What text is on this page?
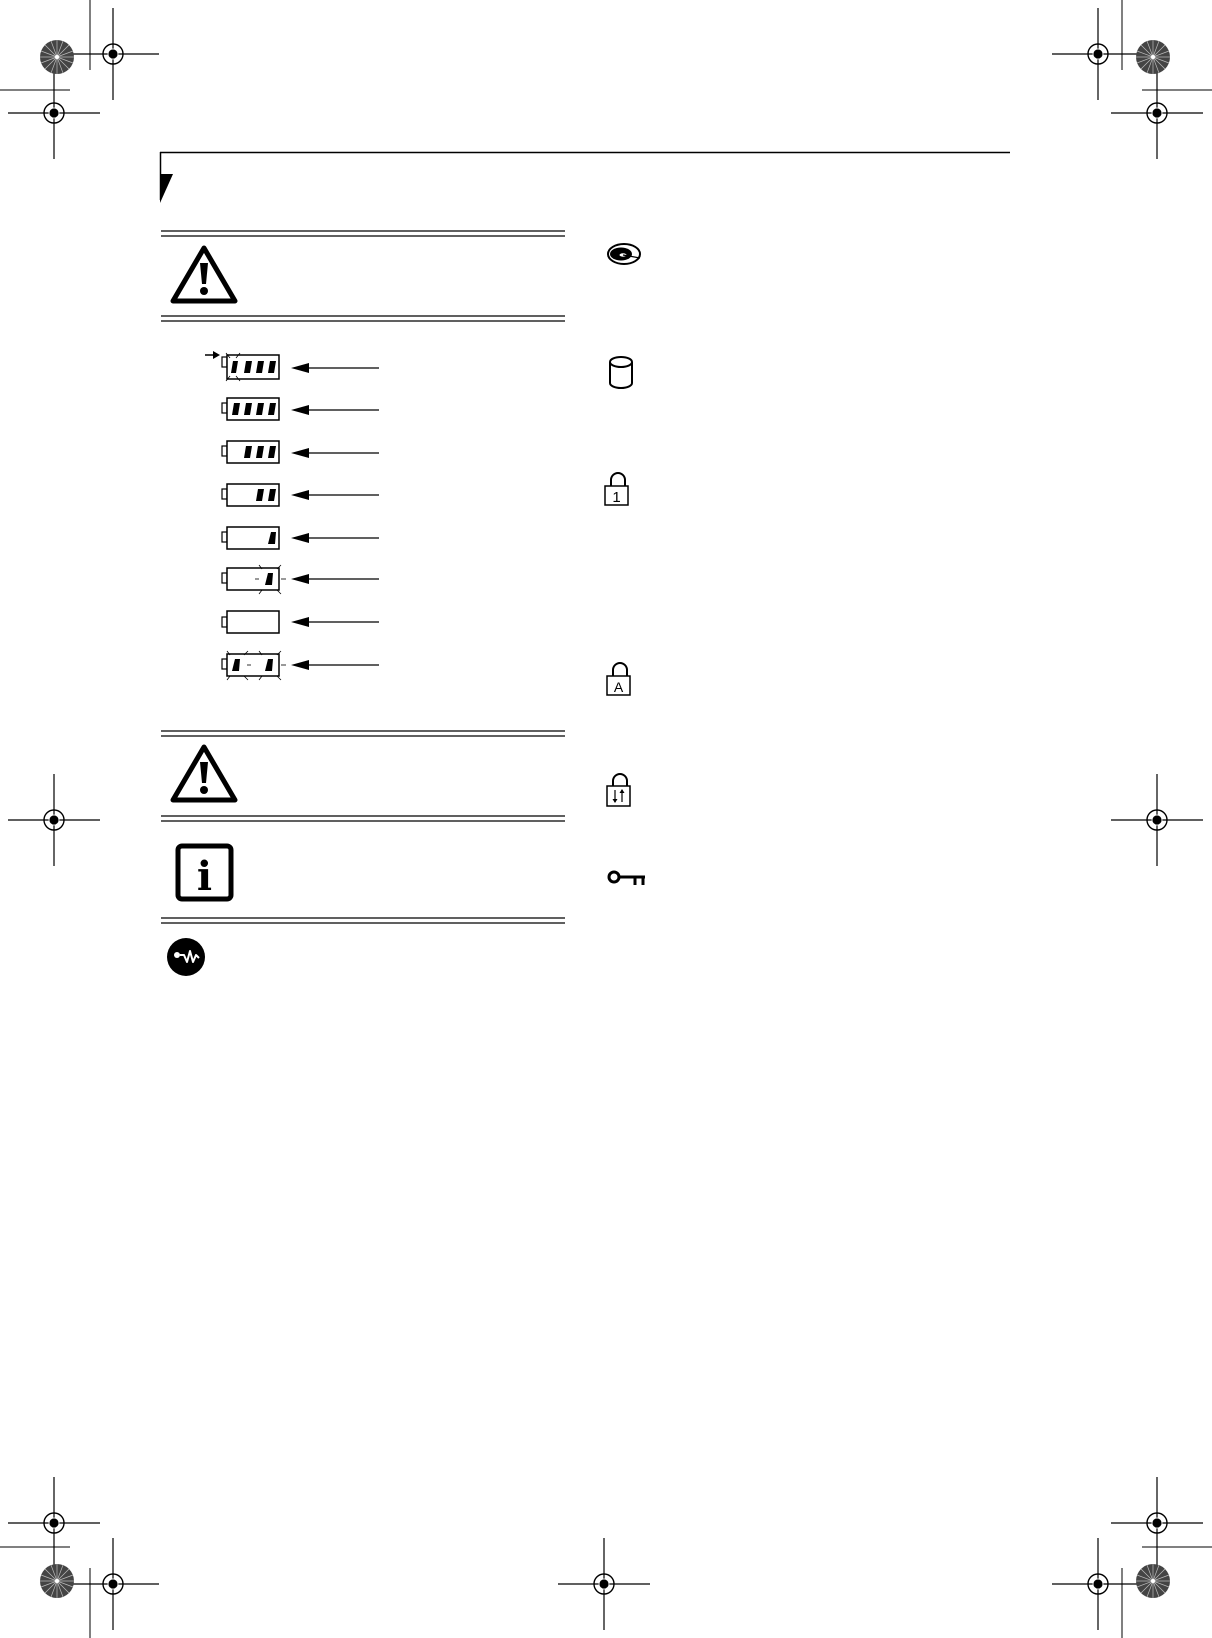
i
1
A
